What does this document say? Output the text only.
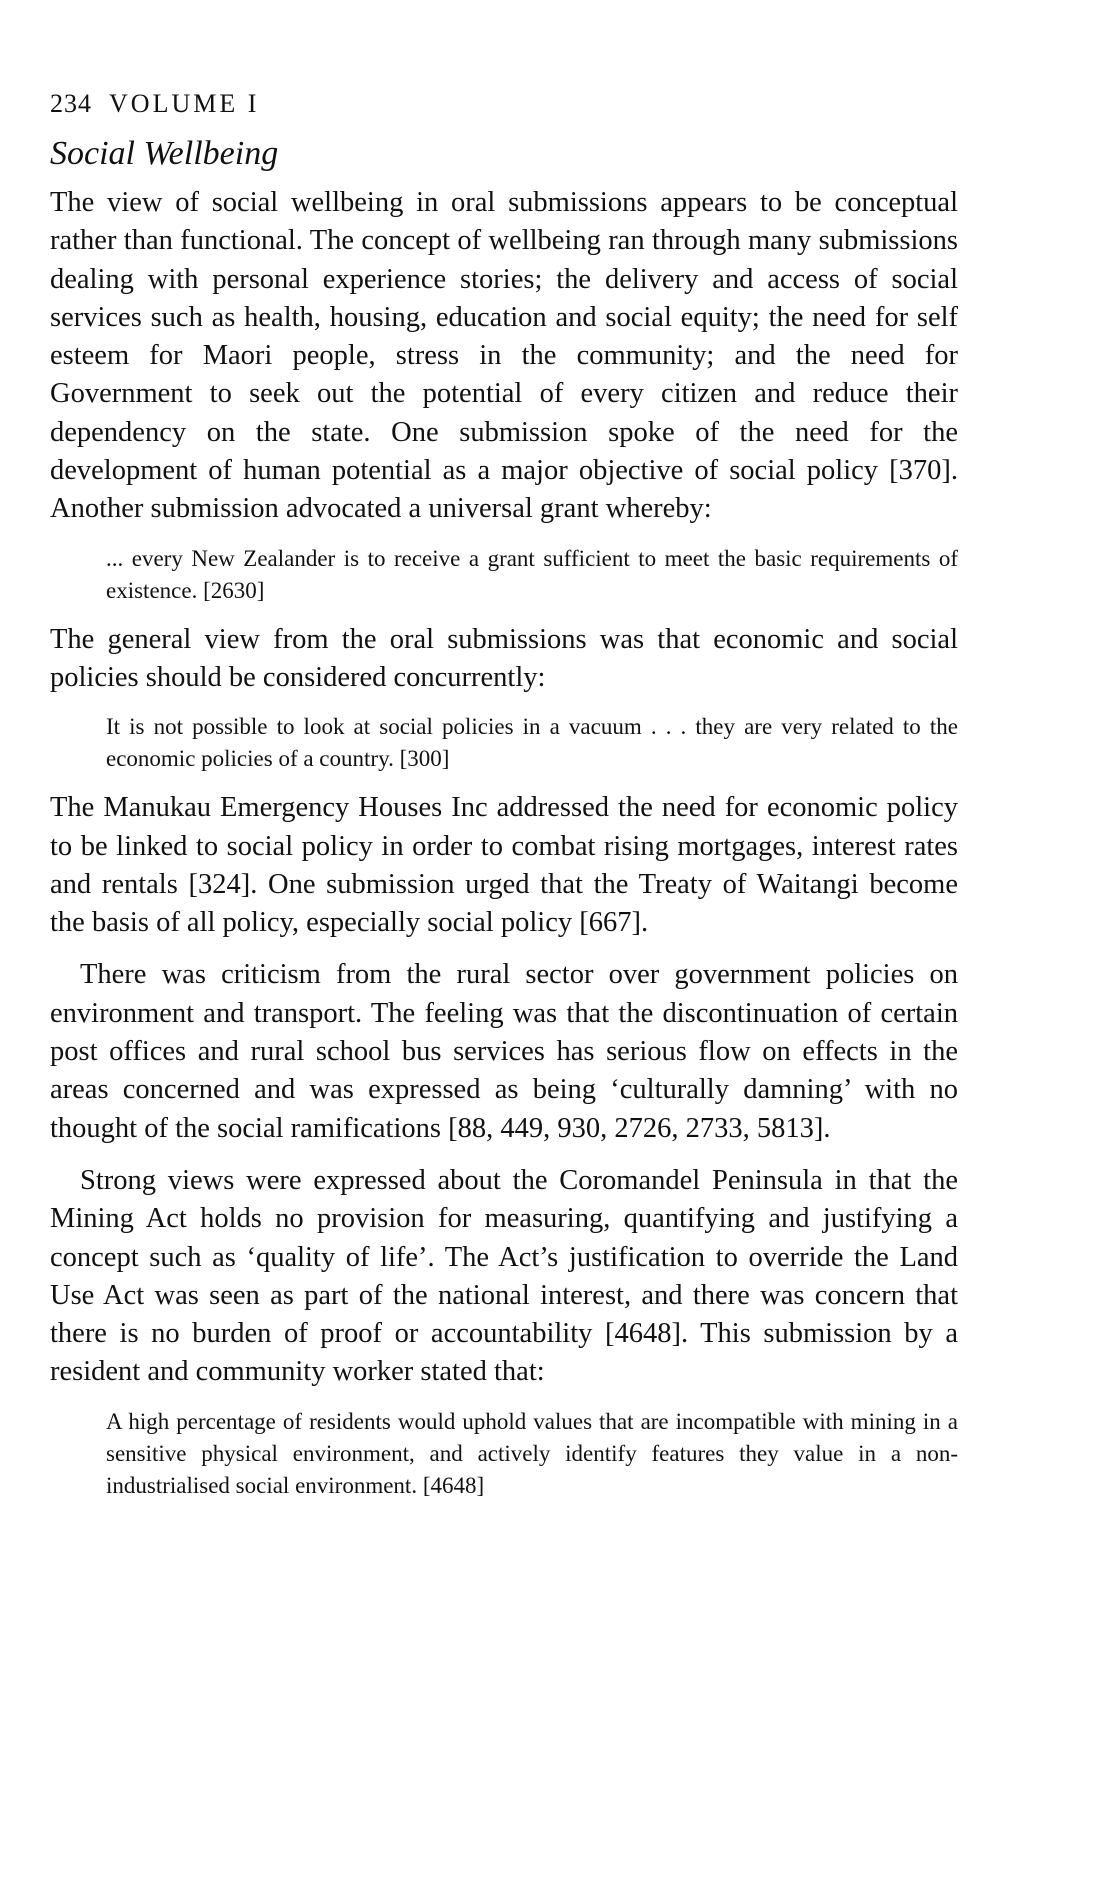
234 VOLUME I
Social Wellbeing

The view of social wellbeing in oral submissions appears to be conceptual rather than functional. The concept of wellbeing ran through many submissions dealing with personal experience stories; the delivery and access of social services such as health, housing, education and social equity; the need for self esteem for Maori people, stress in the community; and the need for Government to seek out the potential of every citizen and reduce their dependency on the state. One submission spoke of the need for the development of human potential as a major objective of social policy [370]. Another submission advocated a universal grant whereby:

... every New Zealander is to receive a grant sufficient to meet the basic requirements of existence. [2630]

The general view from the oral submissions was that economic and social policies should be considered concurrently:

It is not possible to look at social policies in a vacuum . . . they are very related to the economic policies of a country. [300]

The Manukau Emergency Houses Inc addressed the need for economic policy to be linked to social policy in order to combat rising mortgages, interest rates and rentals [324]. One submission urged that the Treaty of Waitangi become the basis of all policy, especially social policy [667].

There was criticism from the rural sector over government policies on environment and transport. The feeling was that the discontinuation of certain post offices and rural school bus services has serious flow on effects in the areas concerned and was expressed as being ‘culturally damning’ with no thought of the social ramifications [88, 449, 930, 2726, 2733, 5813].

Strong views were expressed about the Coromandel Peninsula in that the Mining Act holds no provision for measuring, quantifying and justifying a concept such as ‘quality of life’. The Act’s justification to override the Land Use Act was seen as part of the national interest, and there was concern that there is no burden of proof or accountability [4648]. This submission by a resident and community worker stated that:

A high percentage of residents would uphold values that are incompatible with mining in a sensitive physical environment, and actively identify features they value in a non-industrialised social environment. [4648]
